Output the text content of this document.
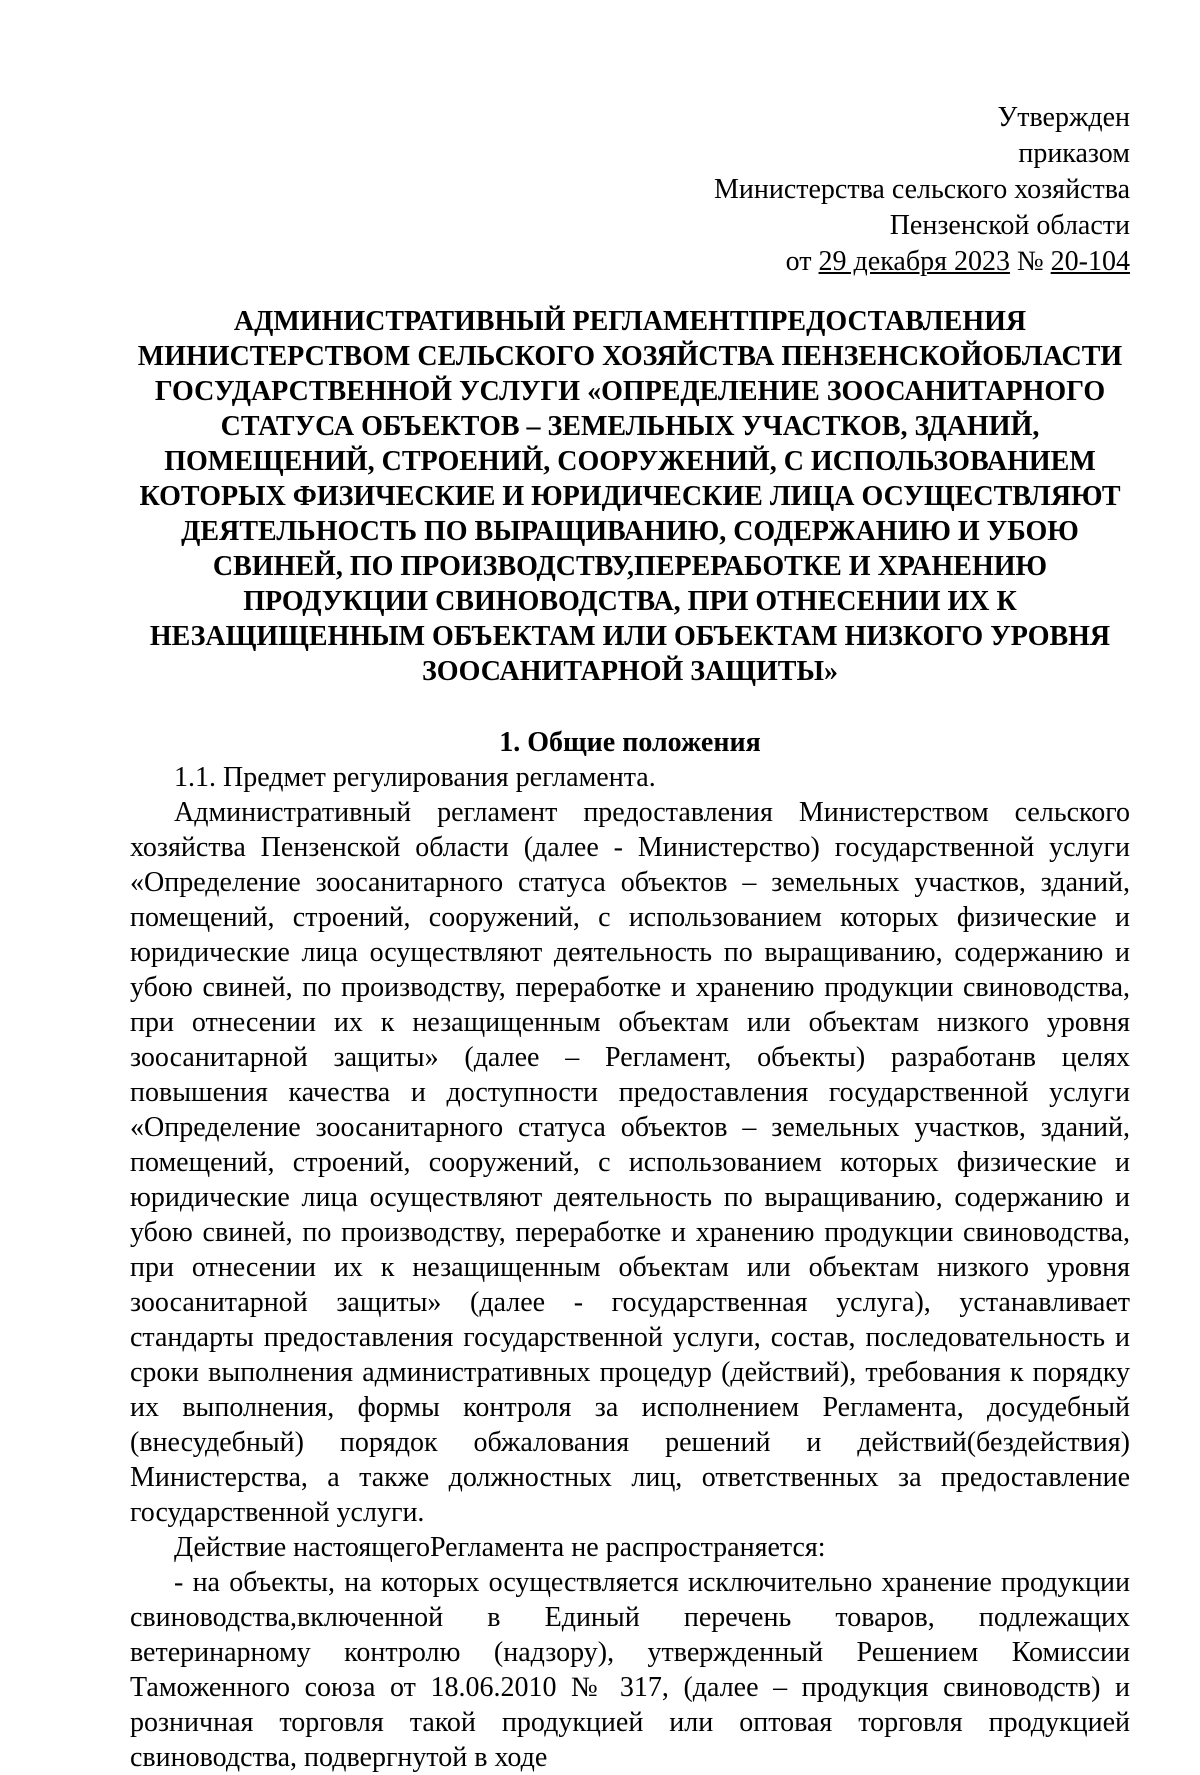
Утвержден
приказом
Министерства сельского хозяйства
Пензенской области
от 29 декабря 2023 № 20-104
АДМИНИСТРАТИВНЫЙ РЕГЛАМЕНТПРЕДОСТАВЛЕНИЯ
МИНИСТЕРСТВОМ СЕЛЬСКОГО ХОЗЯЙСТВА ПЕНЗЕНСКОЙОБЛАСТИ
ГОСУДАРСТВЕННОЙ УСЛУГИ «ОПРЕДЕЛЕНИЕ ЗООСАНИТАРНОГО
СТАТУСА ОБЪЕКТОВ – ЗЕМЕЛЬНЫХ УЧАСТКОВ, ЗДАНИЙ,
ПОМЕЩЕНИЙ, СТРОЕНИЙ, СООРУЖЕНИЙ, С ИСПОЛЬЗОВАНИЕМ
КОТОРЫХ ФИЗИЧЕСКИЕ И ЮРИДИЧЕСКИЕ ЛИЦА ОСУЩЕСТВЛЯЮТ
ДЕЯТЕЛЬНОСТЬ ПО ВЫРАЩИВАНИЮ, СОДЕРЖАНИЮ И УБОЮ
СВИНЕЙ, ПО ПРОИЗВОДСТВУ,ПЕРЕРАБОТКЕ И ХРАНЕНИЮ
ПРОДУКЦИИ СВИНОВОДСТВА, ПРИ ОТНЕСЕНИИ ИХ К
НЕЗАЩИЩЕННЫМ ОБЪЕКТАМ ИЛИ ОБЪЕКТАМ НИЗКОГО УРОВНЯ
ЗООСАНИТАРНОЙ ЗАЩИТЫ»
1. Общие положения

1.1. Предмет регулирования регламента.

Административный регламент предоставления Министерством сельского хозяйства Пензенской области (далее - Министерство) государственной услуги «Определение зоосанитарного статуса объектов – земельных участков, зданий, помещений, строений, сооружений, с использованием которых физические и юридические лица осуществляют деятельность по выращиванию, содержанию и убою свиней, по производству, переработке и хранению продукции свиноводства, при отнесении их к незащищенным объектам или объектам низкого уровня зоосанитарной защиты» (далее – Регламент, объекты) разработанв целях повышения качества и доступности предоставления государственной услуги «Определение зоосанитарного статуса объектов – земельных участков, зданий, помещений, строений, сооружений, с использованием которых физические и юридические лица осуществляют деятельность по выращиванию, содержанию и убою свиней, по производству, переработке и хранению продукции свиноводства, при отнесении их к незащищенным объектам или объектам низкого уровня зоосанитарной защиты» (далее - государственная услуга), устанавливает стандарты предоставления государственной услуги, состав, последовательность и сроки выполнения административных процедур (действий), требования к порядку их выполнения, формы контроля за исполнением Регламента, досудебный (внесудебный) порядок обжалования решений и действий(бездействия) Министерства, а также должностных лиц, ответственных за предоставление государственной услуги.

Действие настоящегоРегламента не распространяется:

- на объекты, на которых осуществляется исключительно хранение продукции свиноводства,включенной в Единый перечень товаров, подлежащих ветеринарному контролю (надзору), утвержденный Решением Комиссии Таможенного союза от 18.06.2010 № 317, (далее – продукция свиноводств) и розничная торговля такой продукцией или оптовая торговля продукцией свиноводства, подвергнутой в ходе
